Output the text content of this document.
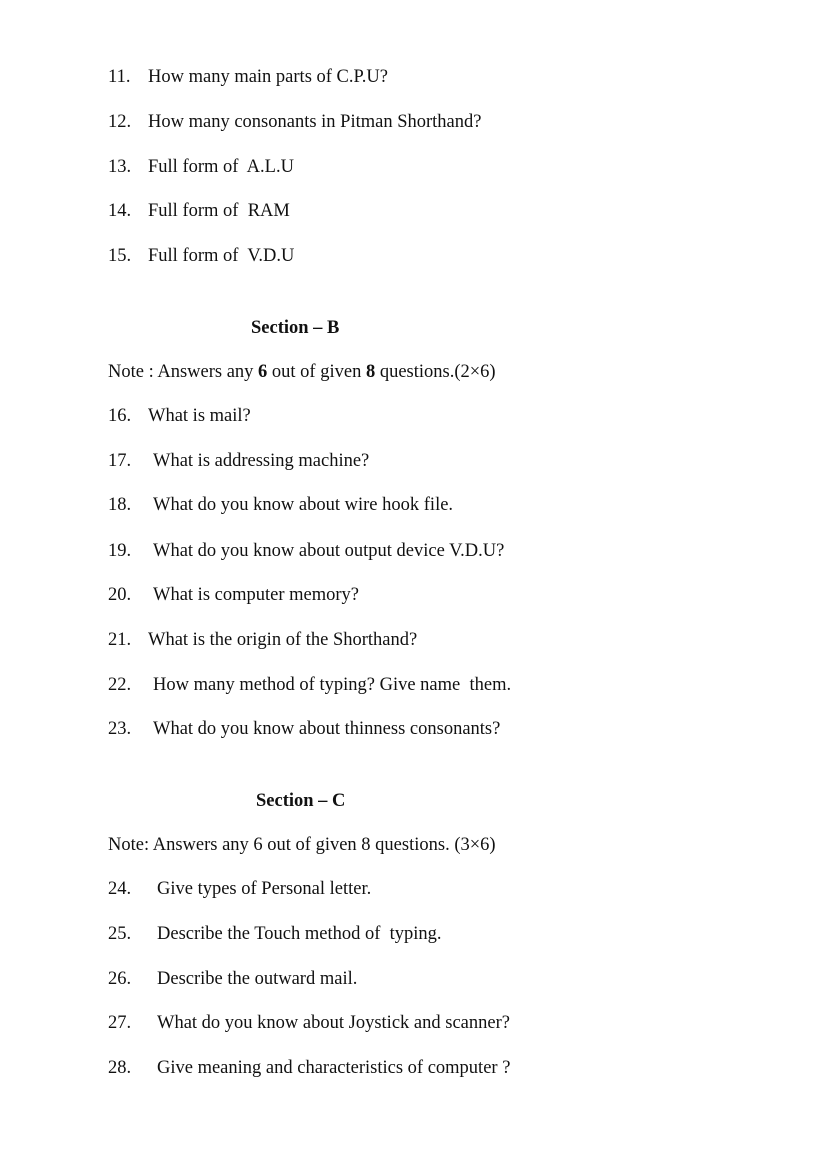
11.

How many main parts of C.P.U?

12.

How many consonants in Pitman Shorthand?

13.

Full form of  A.L.U

14.

Full form of  RAM

15.

Full form of  V.D.U

Section – B
Note : Answers any 6 out of given 8 questions.(2×6)

16.

What is mail?

17.

What is addressing machine?

18.

What do you know about wire hook file.

19.

What do you know about output device V.D.U?

20.

What is computer memory?

21.

What is the origin of the Shorthand?

22.

How many method of typing? Give name  them.

23.

What do you know about thinness consonants?

Section – C
Note: Answers any 6 out of given 8 questions. (3×6)

24.

Give types of Personal letter.

25.

Describe the Touch method of  typing.

26.

Describe the outward mail.

27.

What do you know about Joystick and scanner?

28.

Give meaning and characteristics of computer ?
